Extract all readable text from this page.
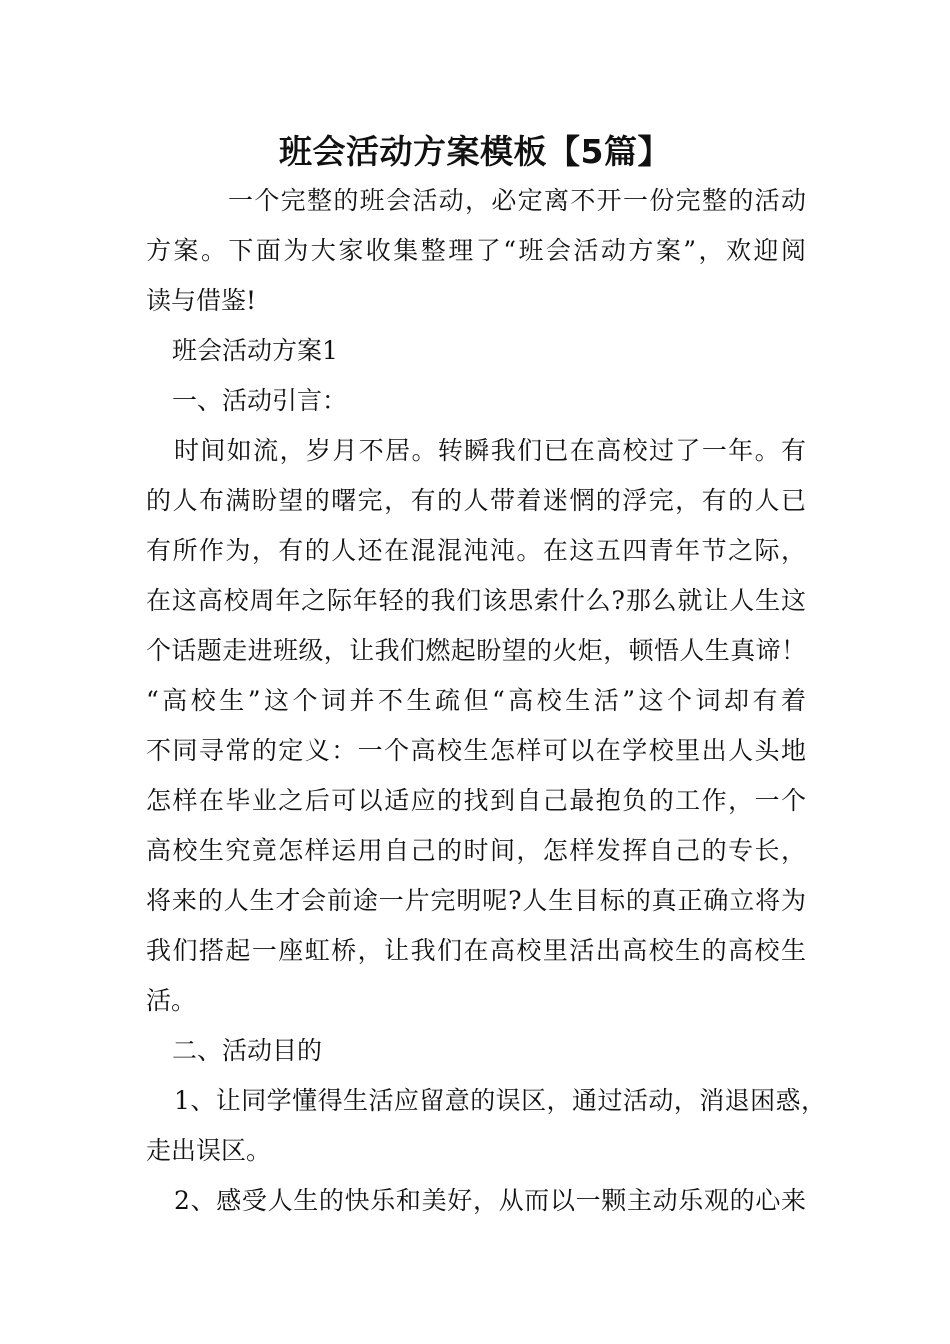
班会活动方案模板【5篇】

一个完整的班会活动，必定离不开一份完整的活动

方案。下面为大家收集整理了“班会活动方案”，欢迎阅

读与借鉴!

班会活动方案1

一、活动引言：

时间如流，岁月不居。转瞬我们已在高校过了一年。有

的人布满盼望的曙完，有的人带着迷惘的浮完，有的人已

有所作为，有的人还在混混沌沌。在这五四青年节之际，

在这高校周年之际年轻的我们该思索什么?那么就让人生这

个话题走进班级，让我们燃起盼望的火炬，顿悟人生真谛！

“高校生”这个词并不生疏但“高校生活”这个词却有着

不同寻常的定义：一个高校生怎样可以在学校里出人头地

怎样在毕业之后可以适应的找到自己最抱负的工作，一个

高校生究竟怎样运用自己的时间，怎样发挥自己的专长，

将来的人生才会前途一片完明呢?人生目标的真正确立将为

我们搭起一座虹桥，让我们在高校里活出高校生的高校生

活。

二、活动目的

1、让同学懂得生活应留意的误区，通过活动，消退困惑，

走出误区。

2、感受人生的快乐和美好，从而以一颗主动乐观的心来
